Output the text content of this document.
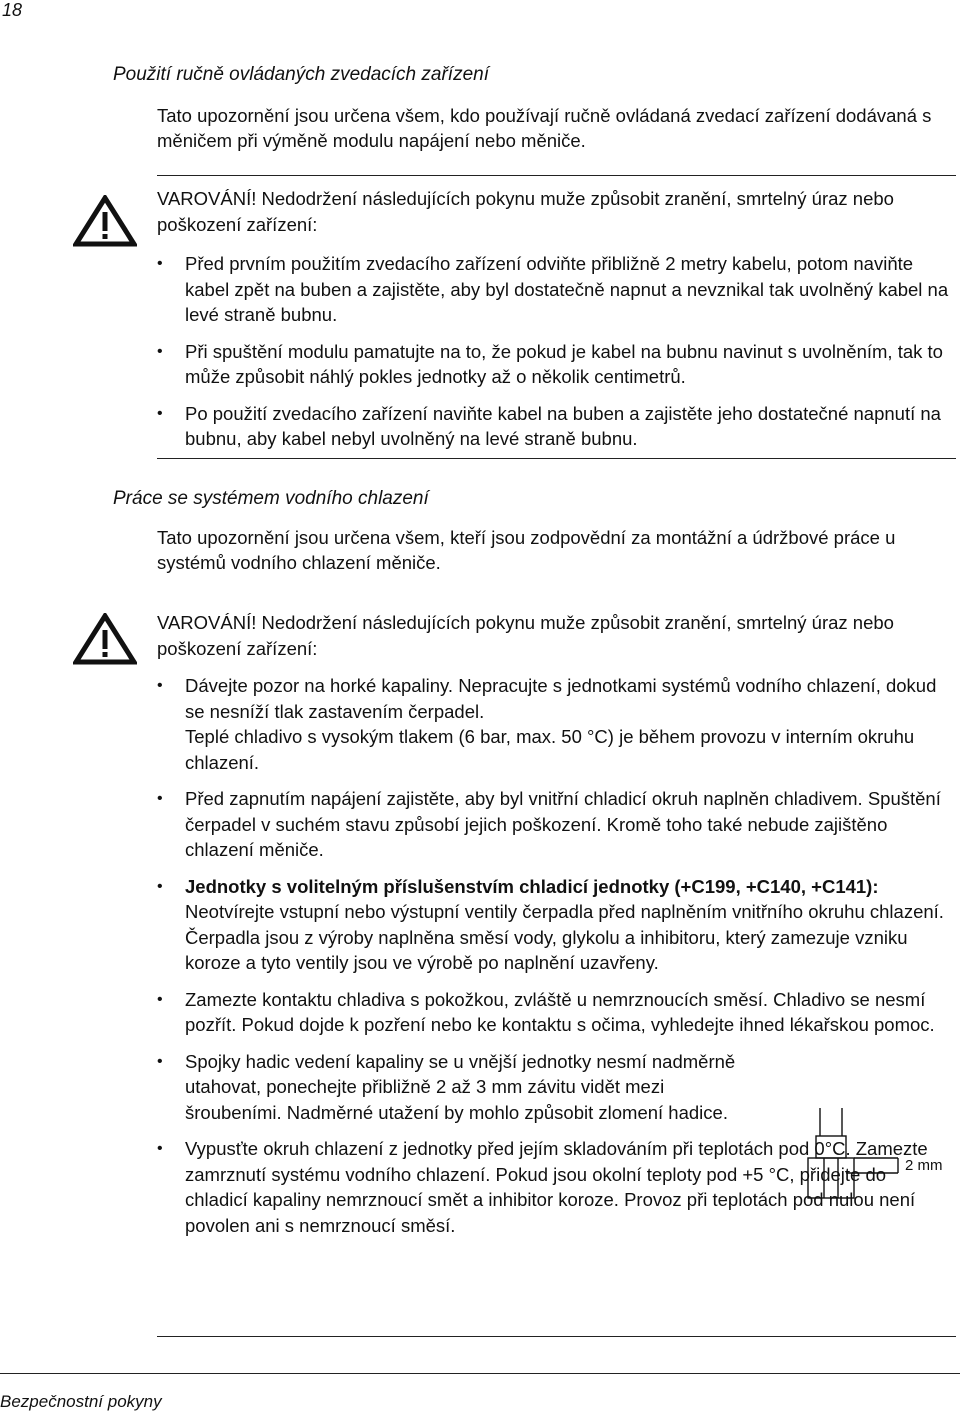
18
Použití ručně ovládaných zvedacích zařízení
Tato upozornění jsou určena všem, kdo používají ručně ovládaná zvedací zařízení dodávaná s měničem při výměně modulu napájení nebo měniče.
VAROVÁNÍ! Nedodržení následujících pokynu muže způsobit zranění, smrtelný úraz nebo poškození zařízení:
• Před prvním použitím zvedacího zařízení odviňte přibližně 2 metry kabelu, potom naviňte kabel zpět na buben a zajistěte, aby byl dostatečně napnut a nevznikal tak uvolněný kabel na levé straně bubnu.
• Při spuštění modulu pamatujte na to, že pokud je kabel na bubnu navinut s uvolněním, tak to může způsobit náhlý pokles jednotky až o několik centimetrů.
• Po použití zvedacího zařízení naviňte kabel na buben a zajistěte jeho dostatečné napnutí na bubnu, aby kabel nebyl uvolněný na levé straně bubnu.
Práce se systémem vodního chlazení
Tato upozornění jsou určena všem, kteří jsou zodpovědní za montážní a údržbové práce u systémů vodního chlazení měniče.
VAROVÁNÍ! Nedodržení následujících pokynu muže způsobit zranění, smrtelný úraz nebo poškození zařízení:
• Dávejte pozor na horké kapaliny. Nepracujte s jednotkami systémů vodního chlazení, dokud se nesníží tlak zastavením čerpadel.
Teplé chladivo s vysokým tlakem (6 bar, max. 50 °C) je během provozu v interním okruhu chlazení.
• Před zapnutím napájení zajistěte, aby byl vnitřní chladicí okruh naplněn chladivem. Spuštění čerpadel v suchém stavu způsobí jejich poškození. Kromě toho také nebude zajištěno chlazení měniče.
• Jednotky s volitelným příslušenstvím chladicí jednotky (+C199, +C140, +C141): Neotvírejte vstupní nebo výstupní ventily čerpadla před naplněním vnitřního okruhu chlazení. Čerpadla jsou z výroby naplněna směsí vody, glykolu a inhibitoru, který zamezuje vzniku koroze a tyto ventily jsou ve výrobě po naplnění uzavřeny.
• Zamezte kontaktu chladiva s pokožkou, zvláště u nemrznoucích směsí. Chladivo se nesmí pozřít. Pokud dojde k pozření nebo ke kontaktu s očima, vyhledejte ihned lékařskou pomoc.
• Spojky hadic vedení kapaliny se u vnější jednotky nesmí nadměrně utahovat, ponechejte přibližně 2 až 3 mm závitu vidět mezi šroubeními. Nadměrné utažení by mohlo způsobit zlomení hadice.
• Vypusťte okruh chlazení z jednotky před jejím skladováním při teplotách pod 0°C. Zamezte zamrznutí systému vodního chlazení. Pokud jsou okolní teploty pod +5 °C, přidejte do chladicí kapaliny nemrznoucí smět a inhibitor koroze. Provoz při teplotách pod nulou není povolen ani s nemrznoucí směsí.
2 mm
Bezpečnostní pokyny
